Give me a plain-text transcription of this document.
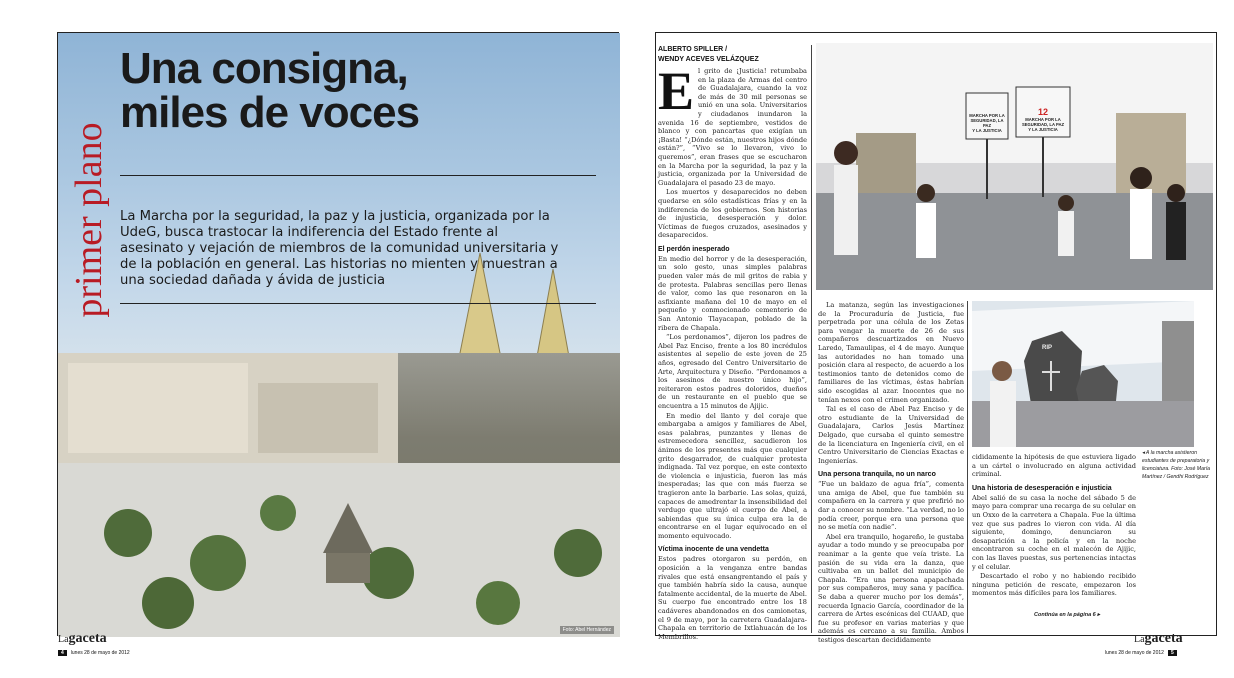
Foto: Abel Hernández
primer plano
Una consigna,
miles de voces
La Marcha por la seguridad, la paz y la justicia, organizada por la UdeG, busca trastocar la indiferencia del Estado frente al asesinato y vejación de miembros de la comunidad universitaria y de la población en general. Las historias no mienten y muestran a una sociedad dañada y ávida de justicia
Lagaceta
4 lunes 28 de mayo de 2012
ALBERTO SPILLER /
WENDY ACEVES VELÁZQUEZ
E l grito de ¡Justicia! retumbaba en la plaza de Armas del centro de Guadalajara, cuando la voz de más de 30 mil personas se unió en una sola. Universitarios y ciudadanos inundaron la avenida 16 de septiembre, vestidos de blanco y con pancartas que exigían un ¡Basta! “¿Dónde están, nuestros hijos dónde están?”, “Vivo se lo llevaron, vivo lo queremos”, eran frases que se escucharon en la Marcha por la seguridad, la paz y la justicia, organizada por la Universidad de Guadalajara el pasado 23 de mayo.

Los muertos y desaparecidos no deben quedarse en sólo estadísticas frías y en la indiferencia de los gobiernos. Son historias de injusticia, desesperación y dolor. Víctimas de fuegos cruzados, asesinados y desaparecidos.

El perdón inesperado

En medio del horror y de la desesperación, un solo gesto, unas simples palabras pueden valer más de mil gritos de rabia y de protesta. Palabras sencillas pero llenas de valor, como las que resonaron en la asfixiante mañana del 10 de mayo en el pequeño y conmocionado cementerio de San Antonio Tlayacapan, poblado de la ribera de Chapala.

“Los perdonamos”, dijeron los padres de Abel Paz Enciso, frente a los 80 incrédulos asistentes al sepelio de este joven de 25 años, egresado del Centro Universitario de Arte, Arquitectura y Diseño. “Perdonamos a los asesinos de nuestro único hijo”, reiteraron estos padres doloridos, dueños de un restaurante en el pueblo que se encuentra a 15 minutos de Ajijic.

En medio del llanto y del coraje que embargaba a amigos y familiares de Abel, esas palabras, punzantes y llenas de estremecedora sencillez, sacudieron los ánimos de los presentes más que cualquier grito desgarrador, de cualquier protesta indignada. Tal vez porque, en este contexto de violencia e injusticia, fueron las más inesperadas; las que con más fuerza se tragieron ante la barbarie. Las solas, quizá, capaces de amedrentar la insensibilidad del verdugo que ultrajó el cuerpo de Abel, a sabiendas que su única culpa era la de encontrarse en el lugar equivocado en el momento equivocado.

Víctima inocente de una vendetta

Estos padres otorgaron su perdón, en oposición a la venganza entre bandas rivales que está ensangrentando el país y que también habría sido la causa, aunque fatalmente accidental, de la muerte de Abel. Su cuerpo fue encontrado entre los 18 cadáveres abandonados en dos camionetas, el 9 de mayo, por la carretera Guadalajara-Chapala en territorio de Ixtlahuacán de los Membrillos.

MARCHA POR LA
SEGURIDAD, LA PAZ
Y LA JUSTICIA
12
MARCHA POR LA
SEGURIDAD, LA PAZ
Y LA JUSTICIA

La matanza, según las investigaciones de la Procuraduría de Justicia, fue perpetrada por una célula de los Zetas para vengar la muerte de 26 de sus compañeros descuartizados en Nuevo Laredo, Tamaulipas, el 4 de mayo. Aunque las autoridades no han tomado una posición clara al respecto, de acuerdo a los testimonios tanto de detenidos como de familiares de las víctimas, éstas habrían sido escogidas al azar. Inocentes que no tenían nexos con el crimen organizado.

Tal es el caso de Abel Paz Enciso y de otro estudiante de la Universidad de Guadalajara, Carlos Jesús Martínez Delgado, que cursaba el quinto semestre de la licenciatura en Ingeniería civil, en el Centro Universitario de Ciencias Exactas e Ingenierías.

Una persona tranquila, no un narco

“Fue un baldazo de agua fría”, comenta una amiga de Abel, que fue también su compañera en la carrera y que prefirió no dar a conocer su nombre. “La verdad, no lo podía creer, porque era una persona que no se metía con nadie”.

Abel era tranquilo, hogareño, le gustaba ayudar a todo mundo y se preocupaba por reanimar a la gente que veía triste. La pasión de su vida era la danza, que cultivaba en un ballet del municipio de Chapala. “Era una persona apapachada por sus compañeros, muy sana y pacífica. Se daba a querer mucho por los demás”, recuerda Ignacio García, coordinador de la carrera de Artes escénicas del CUAAD, que fue su profesor en varias materias y que además es cercano a su familia. Ambos testigos descartan decididamente

RIP

cididamente la hipótesis de que estuviera ligado a un cártel o involucrado en alguna actividad criminal.

Una historia de desesperación e injusticia

Abel salió de su casa la noche del sábado 5 de mayo para comprar una recarga de su celular en un Oxxo de la carretera a Chapala. Fue la última vez que sus padres lo vieron con vida. Al día siguiente, domingo, denunciaron su desaparición a la policía y en la noche encontraron su coche en el malecón de Ajijic, con las llaves puestas, sus pertenencias intactas y el celular.

Descartado el robo y no habiendo recibido ninguna petición de rescate, empezaron los momentos más difíciles para los familiares.

◂ A la marcha asistieron estudiantes de preparatoria y licenciatura. Foto: José María Martínez / Gendhi Rodríguez
Continúa en la página 6 ▸
Lagaceta
lunes 28 de mayo de 2012 5
